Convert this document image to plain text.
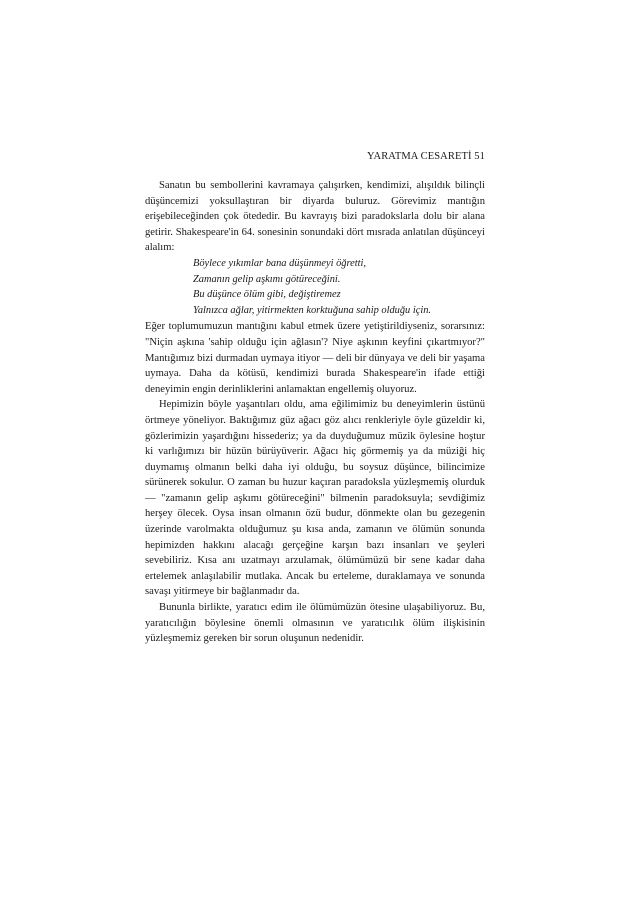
YARATMA CESARETİ 51

Sanatın bu sembollerini kavramaya çalışırken, kendimizi, alışıldık bilinçli düşüncemizi yoksullaştıran bir diyarda buluruz. Görevimiz mantığın erişebileceğinden çok ötededir. Bu kavrayış bizi paradokslarla dolu bir alana getirir. Shakespeare'in 64. sonesinin sonundaki dört mısrada anlatılan düşünceyi alalım:

Böylece yıkımlar bana düşünmeyi öğretti,
Zamanın gelip aşkımı götüreceğini.
Bu düşünce ölüm gibi, değiştiremez
Yalnızca ağlar, yitirmekten korktuğuna sahip olduğu için.

Eğer toplumumuzun mantığını kabul etmek üzere yetiştirildiyseniz, sorarsınız: "Niçin aşkına 'sahip olduğu için ağlasın'? Niye aşkının keyfini çıkartmıyor?" Mantığımız bizi durmadan uymaya itiyor — deli bir dünyaya ve deli bir yaşama uymaya. Daha da kötüsü, kendimizi burada Shakespeare'in ifade ettiği deneyimin engin derinliklerini anlamaktan engellemiş oluyoruz.

Hepimizin böyle yaşantıları oldu, ama eğilimimiz bu deneyimlerin üstünü örtmeye yöneliyor. Baktığımız güz ağacı göz alıcı renkleriyle öyle güzeldir ki, gözlerimizin yaşardığını hissederiz; ya da duyduğumuz müzik öylesine hoştur ki varlığımızı bir hüzün bürüyüverir. Ağacı hiç görmemiş ya da müziği hiç duymamış olmanın belki daha iyi olduğu, bu soysuz düşünce, bilincimize sürünerek sokulur. O zaman bu huzur kaçıran paradoksla yüzleşmemiş olurduk — "zamanın gelip aşkımı götüreceğini" bilmenin paradoksuyla; sevdiğimiz herşey ölecek. Oysa insan olmanın özü budur, dönmekte olan bu gezegenin üzerinde varolmakta olduğumuz şu kısa anda, zamanın ve ölümün sonunda hepimizden hakkını alacağı gerçeğine karşın bazı insanları ve şeyleri sevebiliriz. Kısa anı uzatmayı arzulamak, ölümümüzü bir sene kadar daha ertelemek anlaşılabilir mutlaka. Ancak bu erteleme, duraklamaya ve sonunda savaşı yitirmeye bir bağlanmadır da.

Bununla birlikte, yaratıcı edim ile ölümümüzün ötesine ulaşabiliyoruz. Bu, yaratıcılığın böylesine önemli olmasının ve yaratıcılık ölüm ilişkisinin yüzleşmemiz gereken bir sorun oluşunun nedenidir.
